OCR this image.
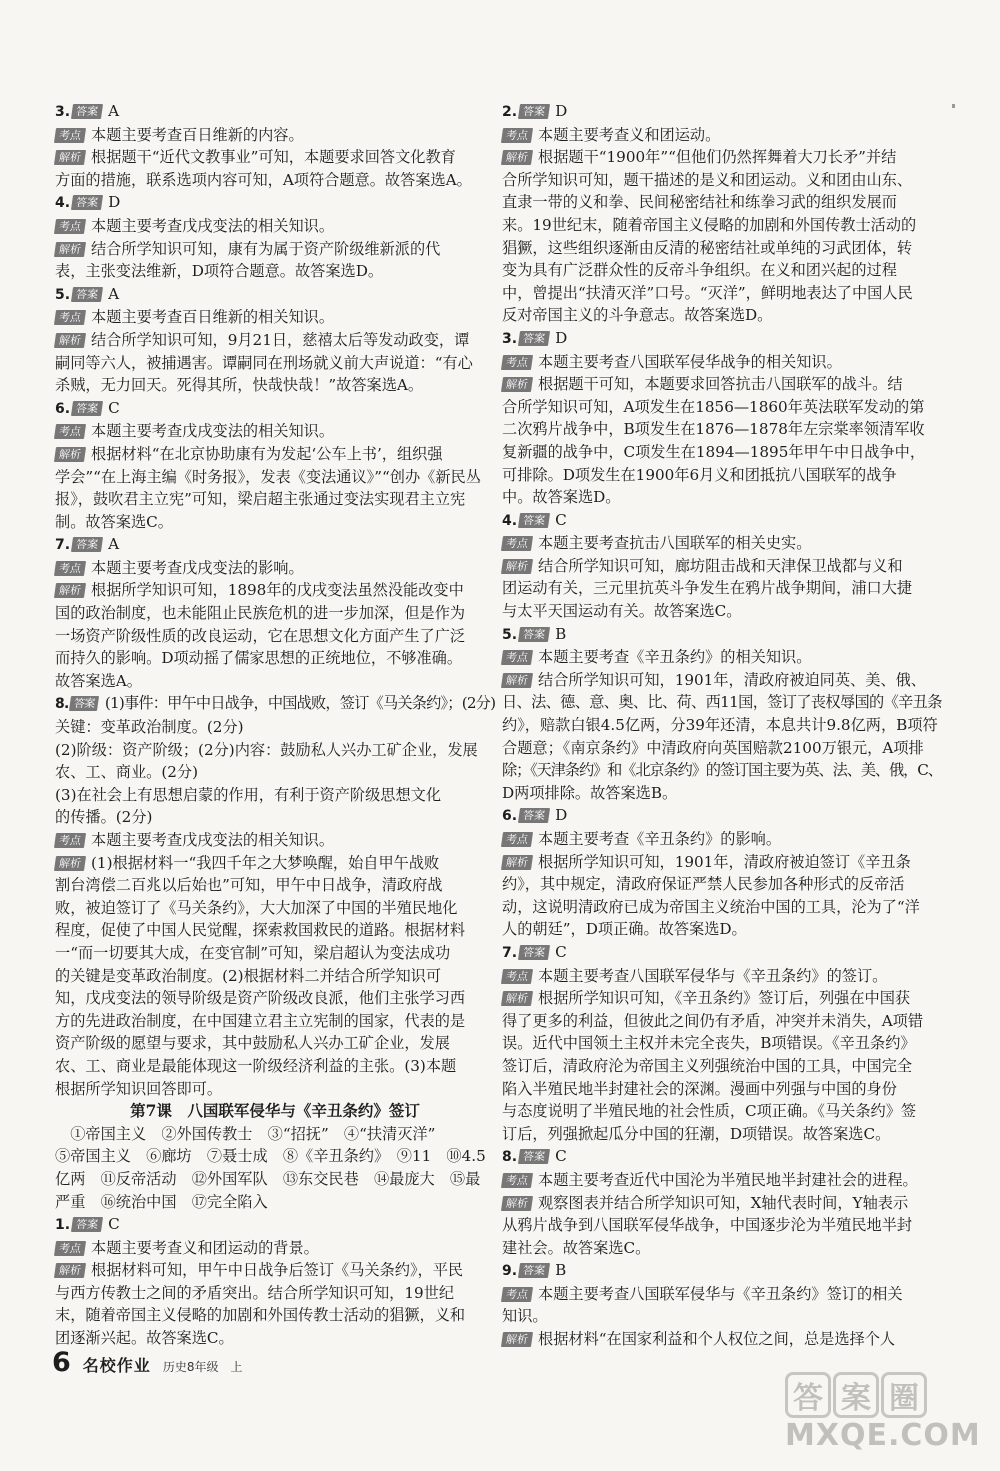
3. 答案 A
考点 本题主要考查百日维新的内容。
解析 根据题干“近代文教事业”可知，本题要求回答文化教育
方面的措施，联系选项内容可知，A项符合题意。故答案选A。
4. 答案 D
考点 本题主要考查戊戌变法的相关知识。
解析 结合所学知识可知，康有为属于资产阶级维新派的代
表，主张变法维新，D项符合题意。故答案选D。
5. 答案 A
考点 本题主要考查百日维新的相关知识。
解析 结合所学知识可知，9月21日，慈禧太后等发动政变，谭
嗣同等六人，被捕遇害。谭嗣同在刑场就义前大声说道：“有心
杀贼，无力回天。死得其所，快哉快哉！”故答案选A。
6. 答案 C
考点 本题主要考查戊戌变法的相关知识。
解析 根据材料“在北京协助康有为发起‘公车上书’，组织强
学会”“在上海主编《时务报》，发表《变法通议》”“创办《新民丛
报》，鼓吹君主立宪”可知，梁启超主张通过变法实现君主立宪
制。故答案选C。
7. 答案 A
考点 本题主要考查戊戌变法的影响。
解析 根据所学知识可知，1898年的戊戌变法虽然没能改变中
国的政治制度，也未能阻止民族危机的进一步加深，但是作为
一场资产阶级性质的改良运动，它在思想文化方面产生了广泛
而持久的影响。D项动摇了儒家思想的正统地位，不够准确。
故答案选A。
8. 答案 (1)事件：甲午中日战争，中国战败，签订《马关条约》；(2分)
关键：变革政治制度。(2分)
(2)阶级：资产阶级；(2分)内容：鼓励私人兴办工矿企业，发展
农、工、商业。(2分)
(3)在社会上有思想启蒙的作用，有利于资产阶级思想文化
的传播。(2分)
考点 本题主要考查戊戌变法的相关知识。
解析 (1)根据材料一“我四千年之大梦唤醒，始自甲午战败
割台湾偿二百兆以后始也”可知，甲午中日战争，清政府战
败，被迫签订了《马关条约》，大大加深了中国的半殖民地化
程度，促使了中国人民觉醒，探索救国救民的道路。根据材料
一“而一切要其大成，在变官制”可知，梁启超认为变法成功
的关键是变革政治制度。(2)根据材料二并结合所学知识可
知，戊戌变法的领导阶级是资产阶级改良派，他们主张学习西
方的先进政治制度，在中国建立君主立宪制的国家，代表的是
资产阶级的愿望与要求，其中鼓励私人兴办工矿企业，发展
农、工、商业是最能体现这一阶级经济利益的主张。(3)本题
根据所学知识回答即可。
第7课　八国联军侵华与《辛丑条约》签订
　①帝国主义　②外国传教士　③“招抚”　④“扶清灭洋”
⑤帝国主义　⑥廊坊　⑦聂士成　⑧《辛丑条约》　⑨11　⑩4.5
亿两　⑪反帝活动　⑫外国军队　⑬东交民巷　⑭最庞大　⑮最
严重　⑯统治中国　⑰完全陷入
1. 答案 C
考点 本题主要考查义和团运动的背景。
解析 根据材料可知，甲午中日战争后签订《马关条约》，平民
与西方传教士之间的矛盾突出。结合所学知识可知，19世纪
末，随着帝国主义侵略的加剧和外国传教士活动的猖獗，义和
团逐渐兴起。故答案选C。
2. 答案 D
考点 本题主要考查义和团运动。
解析 根据题干“1900年”“但他们仍然挥舞着大刀长矛”并结
合所学知识可知，题干描述的是义和团运动。义和团由山东、
直隶一带的义和拳、民间秘密结社和练拳习武的组织发展而
来。19世纪末，随着帝国主义侵略的加剧和外国传教士活动的
猖獗，这些组织逐渐由反清的秘密结社或单纯的习武团体，转
变为具有广泛群众性的反帝斗争组织。在义和团兴起的过程
中，曾提出“扶清灭洋”口号。“灭洋”，鲜明地表达了中国人民
反对帝国主义的斗争意志。故答案选D。
3. 答案 D
考点 本题主要考查八国联军侵华战争的相关知识。
解析 根据题干可知，本题要求回答抗击八国联军的战斗。结
合所学知识可知，A项发生在1856—1860年英法联军发动的第
二次鸦片战争中，B项发生在1876—1878年左宗棠率领清军收
复新疆的战争中，C项发生在1894—1895年甲午中日战争中，
可排除。D项发生在1900年6月义和团抵抗八国联军的战争
中。故答案选D。
4. 答案 C
考点 本题主要考查抗击八国联军的相关史实。
解析 结合所学知识可知，廊坊阻击战和天津保卫战都与义和
团运动有关，三元里抗英斗争发生在鸦片战争期间，浦口大捷
与太平天国运动有关。故答案选C。
5. 答案 B
考点 本题主要考查《辛丑条约》的相关知识。
解析 结合所学知识可知，1901年，清政府被迫同英、美、俄、
日、法、德、意、奥、比、荷、西11国，签订了丧权辱国的《辛丑条
约》，赔款白银4.5亿两，分39年还清，本息共计9.8亿两，B项符
合题意；《南京条约》中清政府向英国赔款2100万银元，A项排
除；《天津条约》和《北京条约》的签订国主要为英、法、美、俄，C、
D两项排除。故答案选B。
6. 答案 D
考点 本题主要考查《辛丑条约》的影响。
解析 根据所学知识可知，1901年，清政府被迫签订《辛丑条
约》，其中规定，清政府保证严禁人民参加各种形式的反帝活
动，这说明清政府已成为帝国主义统治中国的工具，沦为了“洋
人的朝廷”，D项正确。故答案选D。
7. 答案 C
考点 本题主要考查八国联军侵华与《辛丑条约》的签订。
解析 根据所学知识可知，《辛丑条约》签订后，列强在中国获
得了更多的利益，但彼此之间仍有矛盾，冲突并未消失，A项错
误。近代中国领土主权并未完全丧失，B项错误。《辛丑条约》
签订后，清政府沦为帝国主义列强统治中国的工具，中国完全
陷入半殖民地半封建社会的深渊。漫画中列强与中国的身份
与态度说明了半殖民地的社会性质，C项正确。《马关条约》签
订后，列强掀起瓜分中国的狂潮，D项错误。故答案选C。
8. 答案 C
考点 本题主要考查近代中国沦为半殖民地半封建社会的进程。
解析 观察图表并结合所学知识可知，X轴代表时间，Y轴表示
从鸦片战争到八国联军侵华战争，中国逐步沦为半殖民地半封
建社会。故答案选C。
9. 答案 B
考点 本题主要考查八国联军侵华与《辛丑条约》签订的相关
知识。
解析 根据材料“在国家利益和个人权位之间，总是选择个人
6 名校作业 历史8年级　上
答 案 圈
MXQE.COM
